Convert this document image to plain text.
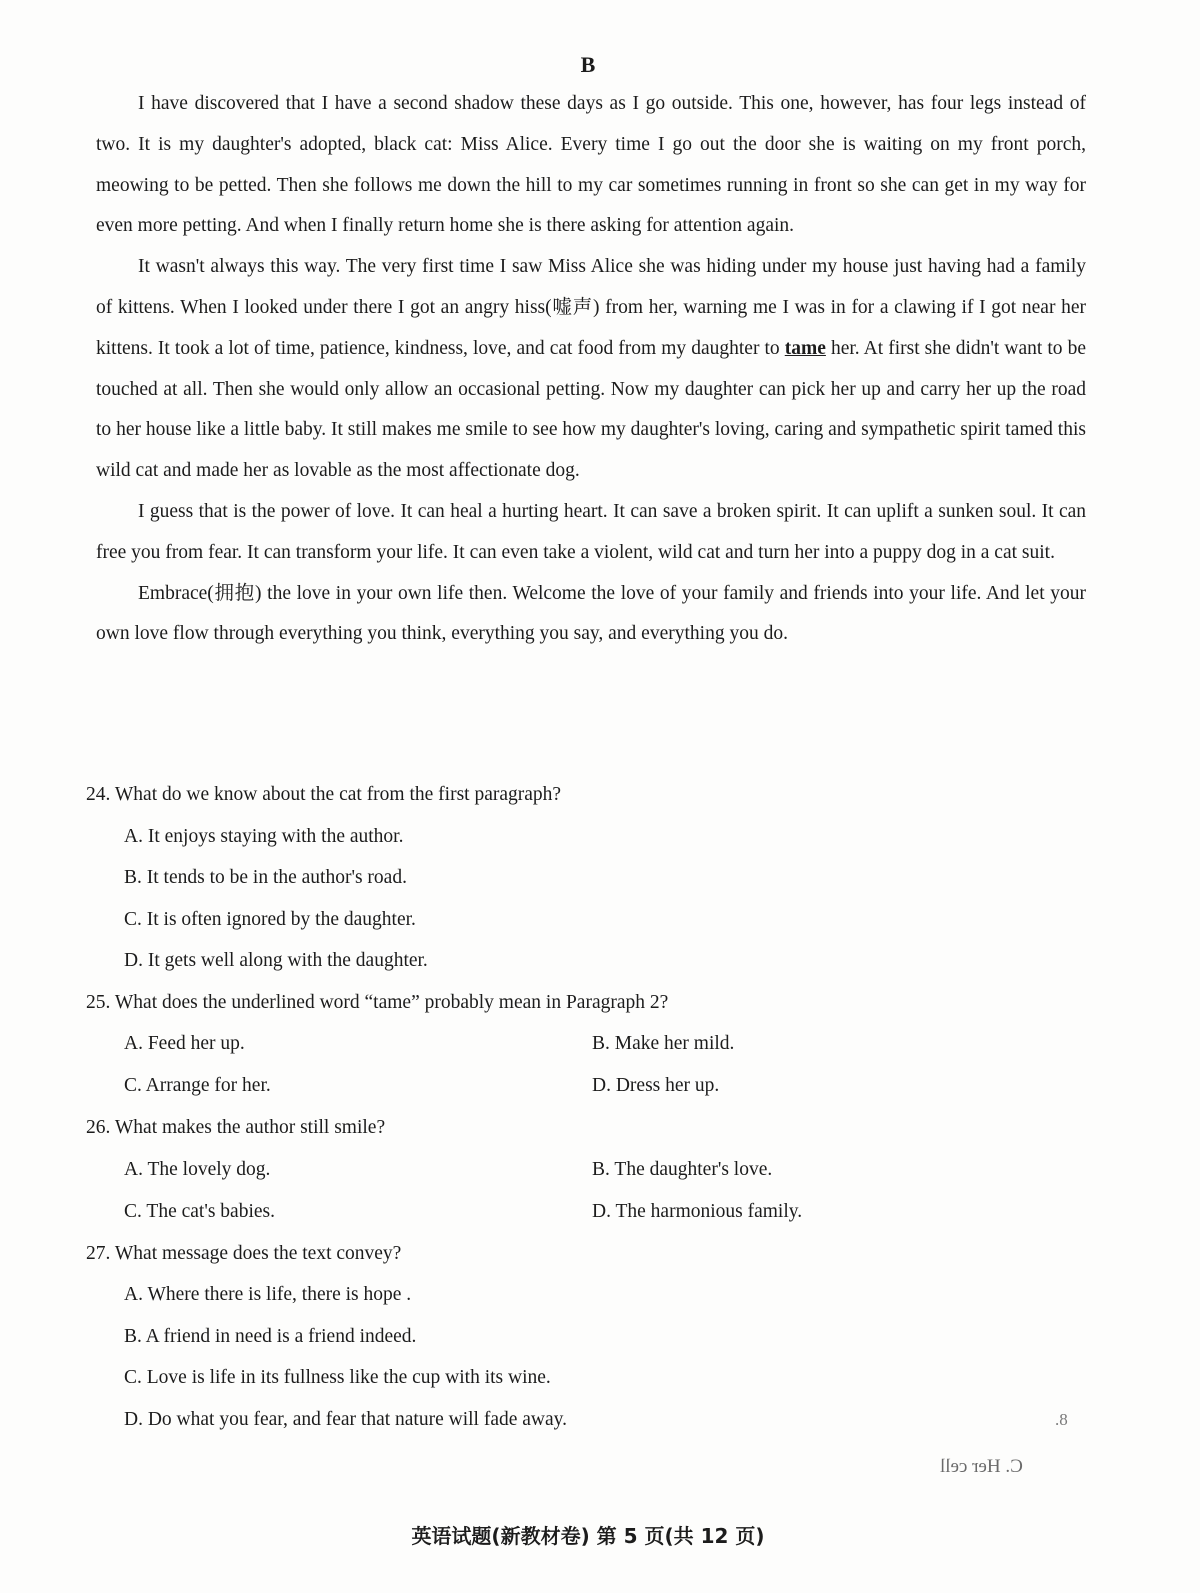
B

I have discovered that I have a second shadow these days as I go outside. This one, however, has four legs instead of two. It is my daughter's adopted, black cat: Miss Alice. Every time I go out the door she is waiting on my front porch, meowing to be petted. Then she follows me down the hill to my car sometimes running in front so she can get in my way for even more petting. And when I finally return home she is there asking for attention again.

It wasn't always this way. The very first time I saw Miss Alice she was hiding under my house just having had a family of kittens. When I looked under there I got an angry hiss(嘘声) from her, warning me I was in for a clawing if I got near her kittens. It took a lot of time, patience, kindness, love, and cat food from my daughter to tame her. At first she didn't want to be touched at all. Then she would only allow an occasional petting. Now my daughter can pick her up and carry her up the road to her house like a little baby. It still makes me smile to see how my daughter's loving, caring and sympathetic spirit tamed this wild cat and made her as lovable as the most affectionate dog.

I guess that is the power of love. It can heal a hurting heart. It can save a broken spirit. It can uplift a sunken soul. It can free you from fear. It can transform your life. It can even take a violent, wild cat and turn her into a puppy dog in a cat suit.

Embrace(拥抱) the love in your own life then. Welcome the love of your family and friends into your life. And let your own love flow through everything you think, everything you say, and everything you do.

24. What do we know about the cat from the first paragraph?
A. It enjoys staying with the author.
B. It tends to be in the author's road.
C. It is often ignored by the daughter.
D. It gets well along with the daughter.
25. What does the underlined word “tame” probably mean in Paragraph 2?
A. Feed her up.	B. Make her mild.
C. Arrange for her.	D. Dress her up.
26. What makes the author still smile?
A. The lovely dog.	B. The daughter's love.
C. The cat's babies.	D. The harmonious family.
27. What message does the text convey?
A. Where there is life, there is hope .
B. A friend in need is a friend indeed.
C. Love is life in its fullness like the cup with its wine.
D. Do what you fear, and fear that nature will fade away.	8.
C. Her cell
英语试题(新教材卷) 第 5 页(共 12 页)
